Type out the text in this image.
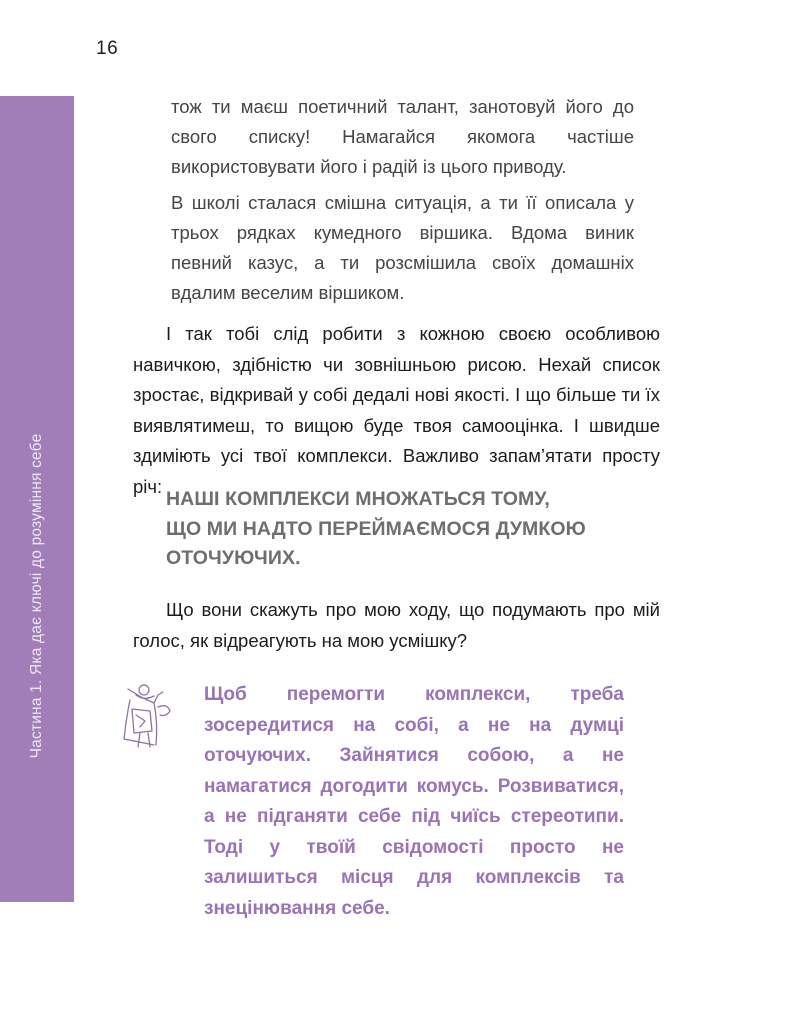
16
Частина 1. Яка дає ключі до розуміння себе

тож ти маєш поетичний талант, занотовуй його до свого списку! Намагайся якомога частіше використовувати його і радій із цього приводу.

В школі сталася смішна ситуація, а ти її описала у трьох рядках кумедного віршика. Вдома виник певний казус, а ти розсмішила своїх домашніх вдалим веселим віршиком.

І так тобі слід робити з кожною своєю особливою навичкою, здібністю чи зовнішньою рисою. Нехай список зростає, відкривай у собі дедалі нові якості. І що більше ти їх виявлятимеш, то вищою буде твоя самооцінка. І швидше здиміють усі твої комплекси. Важливо запам’ятати просту річ:

НАШІ КОМПЛЕКСИ МНОЖАТЬСЯ ТОМУ,
ЩО МИ НАДТО ПЕРЕЙМАЄМОСЯ ДУМКОЮ
ОТОЧУЮЧИХ.

Що вони скажуть про мою ходу, що подумають про мій голос, як відреагують на мою усмішку?

Щоб перемогти комплекси, треба зосередитися на собі, а не на думці оточуючих. Зайнятися собою, а не намагатися догодити комусь. Розвиватися, а не підганяти себе під чиїсь стереотипи. Тоді у твоїй свідомості просто не залишиться місця для комплексів та знецінювання себе.
